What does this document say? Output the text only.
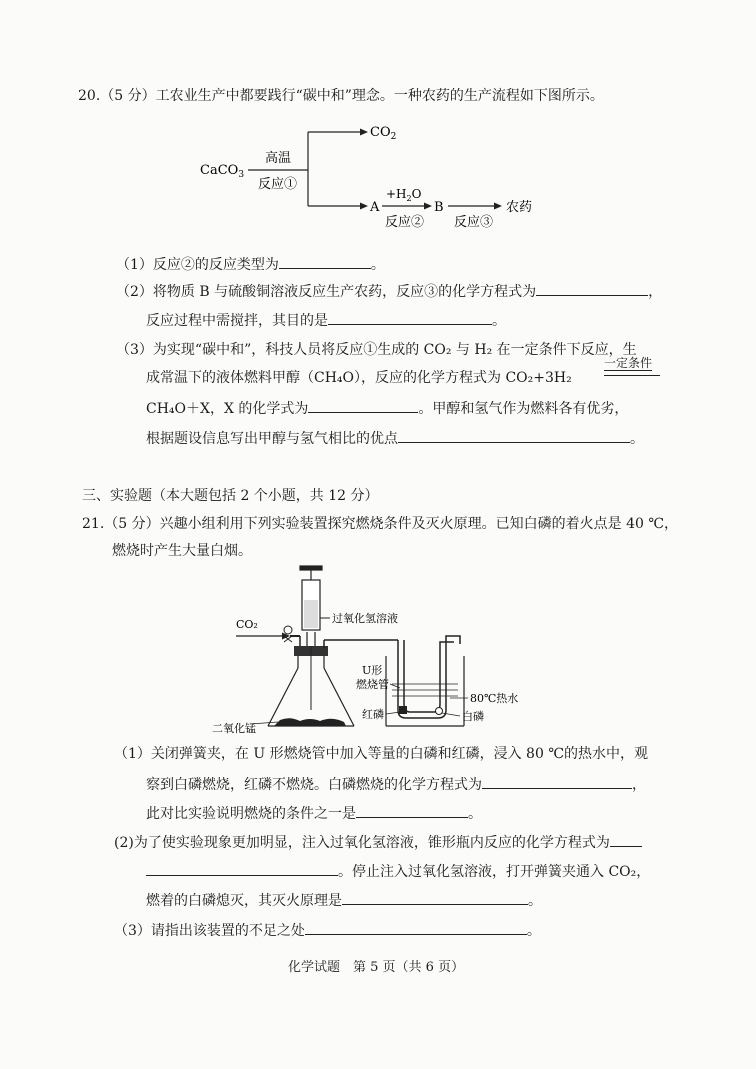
20.（5 分）工农业生产中都要践行“碳中和”理念。一种农药的生产流程如下图所示。
CaCO$_3$
高温
反应①
$CO_2$
A
$+H_2O$
反应②
B
反应③
农药
（1）反应②的反应类型为	。
（2）将物质 B 与硫酸铜溶液反应生产农药，反应③的化学方程式为	，
反应过程中需搅拌，其目的是	。
（3）为实现“碳中和”，科技人员将反应①生成的 CO₂ 与 H₂ 在一定条件下反应，生
成常温下的液体燃料甲醇（CH₄O），反应的化学方程式为 CO₂+3H₂
一定条件
CH₄O＋X，X 的化学式为	。甲醇和氢气作为燃料各有优劣，
根据题设信息写出甲醇与氢气相比的优点	。
三、实验题（本大题包括 2 个小题，共 12 分）
21.（5 分）兴趣小组利用下列实验装置探究燃烧条件及灭火原理。已知白磷的着火点是 40 ℃，
燃烧时产生大量白烟。
过氧化氢溶液
CO₂
二氧化锰
U形
燃烧管
80℃热水
红磷	白磷
（1）关闭弹簧夹，在 U 形燃烧管中加入等量的白磷和红磷，浸入 80 ℃的热水中，观
察到白磷燃烧，红磷不燃烧。白磷燃烧的化学方程式为	，
此对比实验说明燃烧的条件之一是	。
(2)为了使实验现象更加明显，注入过氧化氢溶液，锥形瓶内反应的化学方程式为
。停止注入过氧化氢溶液，打开弹簧夹通入 CO₂，
燃着的白磷熄灭，其灭火原理是	。
（3）请指出该装置的不足之处	。
化学试题　第 5 页（共 6 页）
